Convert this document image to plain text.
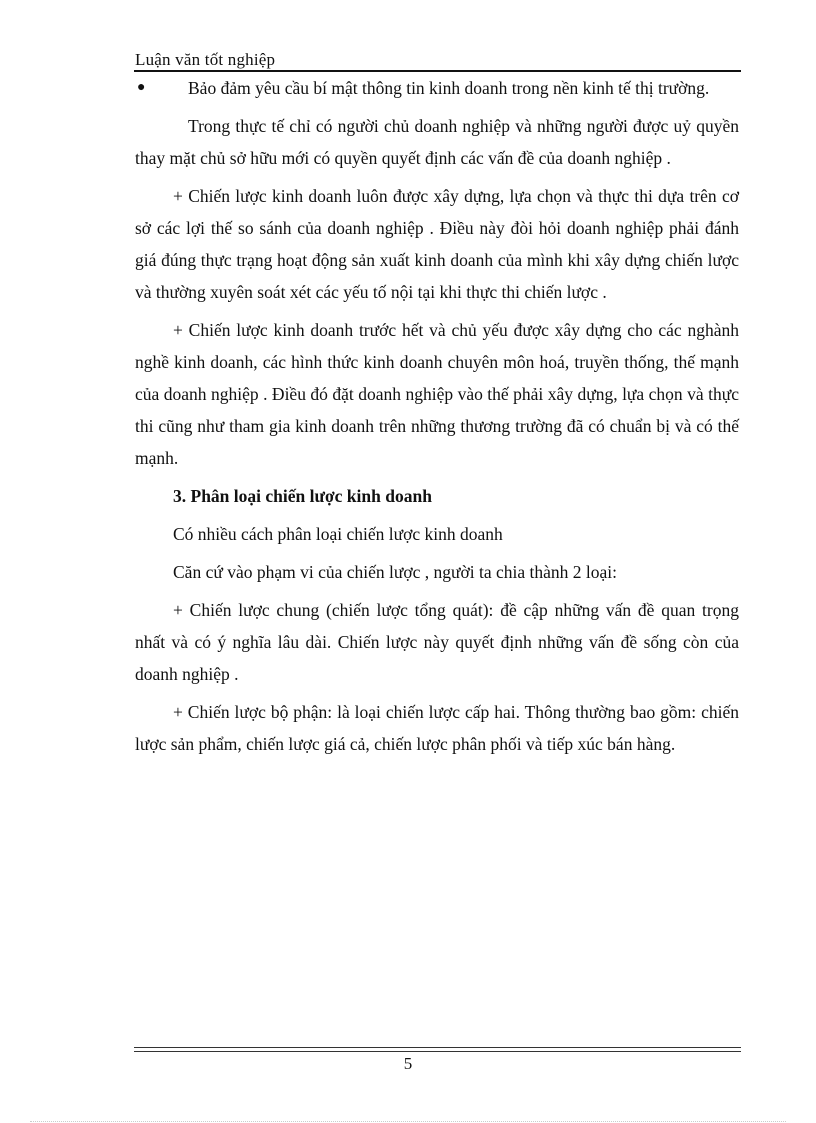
Luận văn tốt nghiệp
●	Bảo đảm yêu cầu bí mật thông tin kinh doanh trong nền kinh tế thị trường.

Trong thực tế chỉ có người chủ doanh nghiệp và những người được uỷ quyền thay mặt chủ sở hữu mới có quyền quyết định các vấn đề của doanh nghiệp .

+ Chiến lược kinh doanh luôn được xây dựng, lựa chọn và thực thi dựa trên cơ sở các lợi thế so sánh của doanh nghiệp . Điều này đòi hỏi doanh nghiệp phải đánh giá đúng thực trạng hoạt động sản xuất kinh doanh của mình khi xây dựng chiến lược và thường xuyên soát xét các yếu tố nội tại khi thực thi chiến lược .

+ Chiến lược kinh doanh trước hết và chủ yếu được xây dựng cho các nghành nghề kinh doanh, các hình thức kinh doanh chuyên môn hoá, truyền thống, thế mạnh của doanh nghiệp . Điều đó đặt doanh nghiệp vào thế phải xây dựng, lựa chọn và thực thi cũng như tham gia kinh doanh trên những thương trường đã có chuẩn bị và có thế mạnh.

3. Phân loại chiến lược kinh doanh

Có nhiều cách phân loại chiến lược kinh doanh

Căn cứ vào phạm vi của chiến lược , người ta chia thành 2 loại:

+ Chiến lược chung (chiến lược tổng quát): đề cập những vấn đề quan trọng nhất và có ý nghĩa lâu dài. Chiến lược này quyết định những vấn đề sống còn của doanh nghiệp .

+ Chiến lược bộ phận: là loại chiến lược cấp hai. Thông thường bao gồm: chiến lược sản phẩm, chiến lược giá cả, chiến lược phân phối và tiếp xúc bán hàng.

5
